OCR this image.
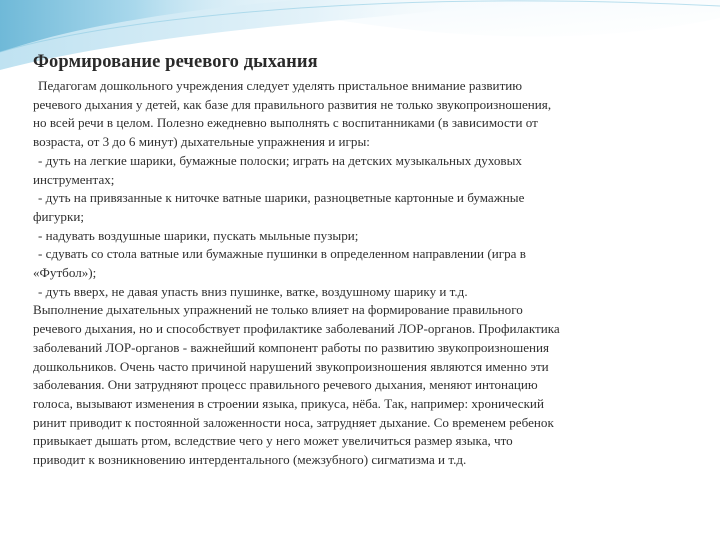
Формирование речевого дыхания
Педагогам дошкольного учреждения следует уделять пристальное внимание развитию
речевого дыхания у детей, как базе для правильного развития не только звукопроизношения,
но всей речи в целом. Полезно ежедневно выполнять с воспитанниками (в зависимости от
возраста, от 3 до 6 минут) дыхательные упражнения и игры:
- дуть на легкие шарики, бумажные полоски; играть на детских музыкальных духовых
инструментах;
- дуть на привязанные к ниточке ватные шарики, разноцветные картонные и бумажные
фигурки;
- надувать воздушные шарики, пускать мыльные пузыри;
- сдувать со стола ватные или бумажные пушинки в определенном направлении (игра в
«Футбол»);
- дуть вверх, не давая упасть вниз пушинке, ватке, воздушному шарику и т.д.
Выполнение дыхательных упражнений не только влияет на формирование правильного
речевого дыхания, но и способствует профилактике заболеваний ЛОР-органов. Профилактика
заболеваний ЛОР-органов - важнейший компонент работы по развитию звукопроизношения
дошкольников. Очень часто причиной нарушений звукопроизношения являются именно эти
заболевания. Они затрудняют процесс правильного речевого дыхания, меняют интонацию
голоса, вызывают изменения в строении языка, прикуса, нёба. Так, например: хронический
ринит приводит к постоянной заложенности носа, затрудняет дыхание. Со временем ребенок
привыкает дышать ртом, вследствие чего у него может увеличиться размер языка, что
приводит к возникновению интердентального (межзубного) сигматизма и т.д.
